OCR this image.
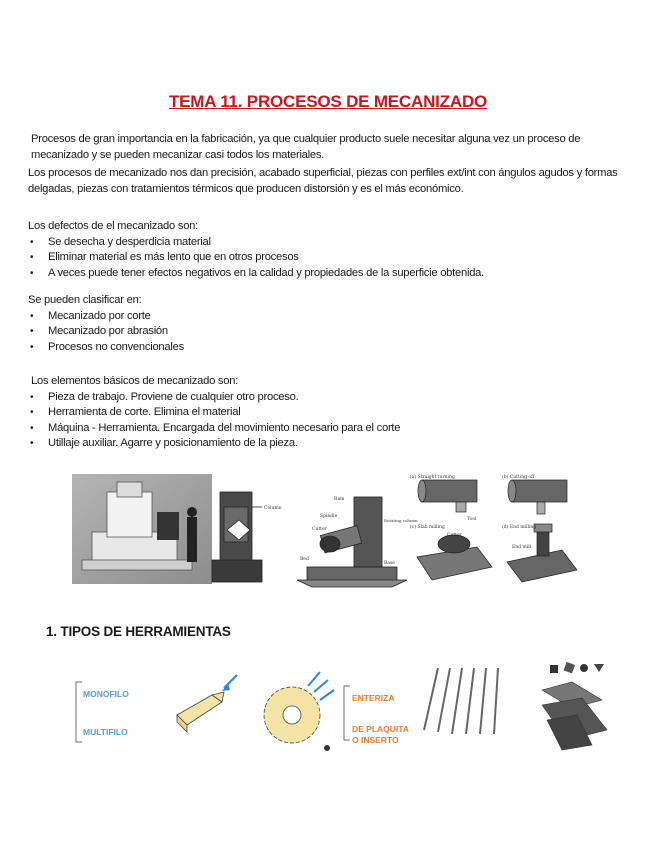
TEMA 11. PROCESOS DE MECANIZADO

Procesos de gran importancia en la fabricación, ya que cualquier producto suele necesitar alguna vez un proceso de mecanizado y se pueden mecanizar casi todos los materiales.

Los procesos de mecanizado nos dan precisión, acabado superficial, piezas con perfiles ext/int con ángulos agudos y formas delgadas, piezas con tratamientos térmicos que producen distorsión y es el más económico.

Los defectos de el mecanizado son:

• Se desecha y desperdicia material
• Eliminar material es más lento que en otros procesos
• A veces puede tener efectos negativos en la calidad y propiedades de la superficie obtenida.

Se pueden clasificar en:

• Mecanizado por corte
• Mecanizado por abrasión
• Procesos no convencionales

Los elementos básicos de mecanizado son:

• Pieza de trabajo. Proviene de cualquier otro proceso.
• Herramienta de corte. Elimina el material
• Máquina - Herramienta. Encargada del movimiento necesario para el corte
• Utillaje auxiliar. Agarre y posicionamiento de la pieza.
Column
Spindle
Cutter
Bed
Ram
Rotating column
Base
(a) Straight turning
Tool
(b) Cutting off
(c) Slab milling
Cutter
(d) End milling
End mill
1. TIPOS DE HERRAMIENTAS
MONOFILO
MULTIFILO
ENTERIZA
DE PLAQUITA
O INSERTO
